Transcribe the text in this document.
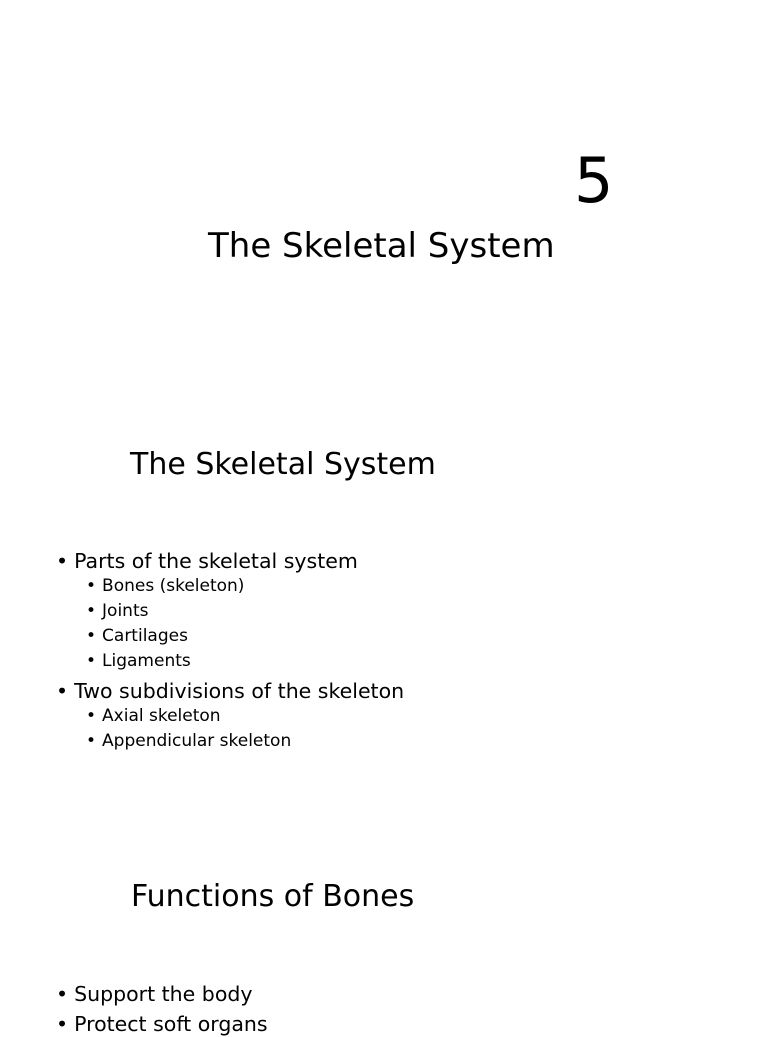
5
The Skeletal System
The Skeletal System
• Parts of the skeletal system
• Bones (skeleton)
• Joints
• Cartilages
• Ligaments
• Two subdivisions of the skeleton
• Axial skeleton
• Appendicular skeleton
Functions of Bones
• Support the body
• Protect soft organs
